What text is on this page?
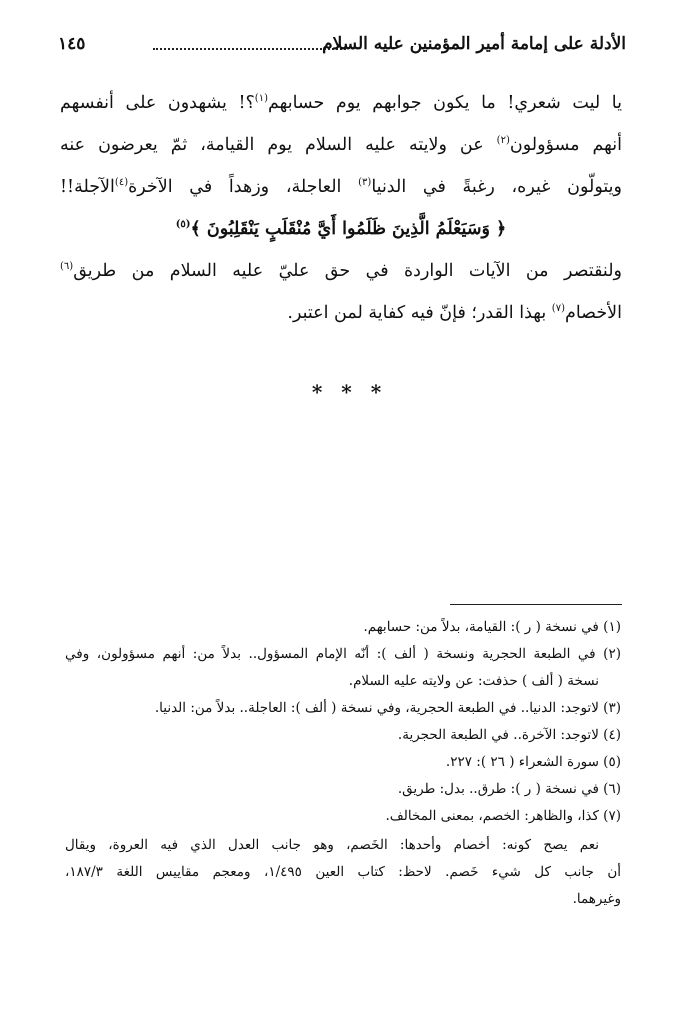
١٤٥	الأدلة على إمامة أمير المؤمنين عليه السلام
يا ليت شعري! ما يكون جوابهم يوم حسابهم$^{(١)}$؟! يشهدون على أنفسهم
أنهم مسؤولون$^{(٢)}$ عن ولايته عليه السلام يوم القيامة، ثمّ يعرضون عنه
ويتولّون غيره، رغبةً في الدنيا$^{(٣)}$ العاجلة، وزهداً في الآخرة$^{(٤)}$الآجلة!!
﴿ وَسَيَعْلَمُ الَّذِينَ ظَلَمُوا أَيَّ مُنْقَلَبٍ يَنْقَلِبُونَ ﴾$^{(٥)}$
ولنقتصر من الآيات الواردة في حق عليّ عليه السلام من طريق$^{(٦)}$
الأخصام$^{(٧)}$ بهذا القدر؛ فإنّ فيه كفاية لمن اعتبر.
* * *
(١) في نسخة ( ر ): القيامة، بدلاً من: حسابهم.
(٢) في الطبعة الحجرية ونسخة ( ألف ): أنّه الإمام المسؤول.. بدلاً من: أنهم مسؤولون، وفي
نسخة ( ألف ) حذفت: عن ولايته عليه السلام.
(٣) لاتوجد: الدنيا.. في الطبعة الحجرية، وفي نسخة ( ألف ): العاجلة.. بدلاً من: الدنيا.
(٤) لاتوجد: الآخرة.. في الطبعة الحجرية.
(٥) سورة الشعراء ( ٢٦ ): ٢٢٧.
(٦) في نسخة ( ر ): طرق.. بدل: طريق.
(٧) كذا، والظاهر: الخصم، بمعنى المخالف.
نعم يصح كونه: أخصام وأحدها: الخَصم، وهو جانب العدل الذي فيه العروة، ويقال
أن جانب كل شيء خَصم. لاحظ: كتاب العين ١/٤٩٥، ومعجم مقاييس اللغة ١٨٧/٣،
وغيرهما.
